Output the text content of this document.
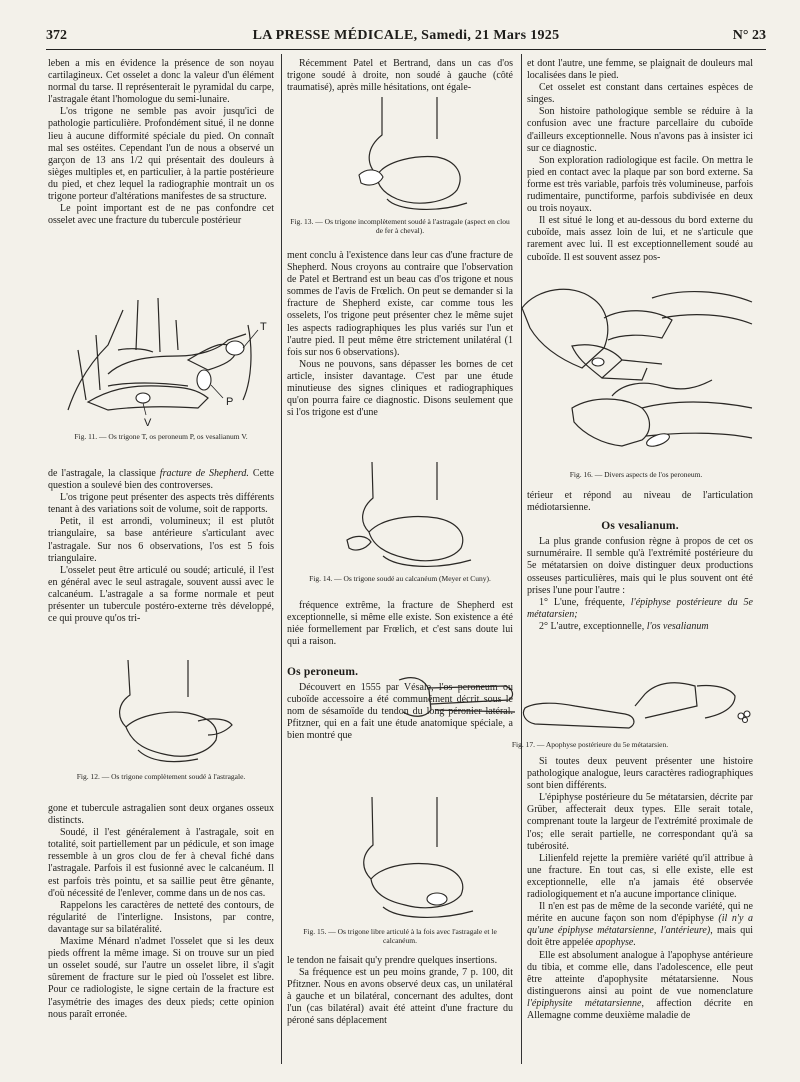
372	LA PRESSE MÉDICALE, Samedi, 21 Mars 1925	N° 23

leben a mis en évidence la présence de son noyau cartilagineux. Cet osselet a donc la valeur d'un élément normal du tarse. Il représenterait le pyramidal du carpe, l'astragale étant l'homologue du semi-lunaire.

L'os trigone ne semble pas avoir jusqu'ici de pathologie particulière. Profondément situé, il ne donne lieu à aucune difformité spéciale du pied. On connaît mal ses ostéites. Cependant l'un de nous a observé un garçon de 13 ans 1/2 qui présentait des douleurs à sièges multiples et, en particulier, à la partie postérieure du pied, et chez lequel la radiographie montrait un os trigone porteur d'altérations manifestes de sa structure.

Le point important est de ne pas confondre cet osselet avec une fracture du tubercule postérieur

T
P
V
Fig. 11. — Os trigone T, os peroneum P, os vesalianum V.

de l'astragale, la classique fracture de Shepherd. Cette question a soulevé bien des controverses.

L'os trigone peut présenter des aspects très différents tenant à des variations soit de volume, soit de rapports.

Petit, il est arrondi, volumineux; il est plutôt triangulaire, sa base antérieure s'articulant avec l'astragale. Sur nos 6 observations, l'os est 5 fois triangulaire.

L'osselet peut être articulé ou soudé; articulé, il l'est en général avec le seul astragale, souvent aussi avec le calcanéum. L'astragale a sa forme normale et peut présenter un tubercule postéro-externe très développé, ce qui prouve qu'os tri-

Fig. 12. — Os trigone complètement soudé à l'astragale.

gone et tubercule astragalien sont deux organes osseux distincts.

Soudé, il l'est généralement à l'astragale, soit en totalité, soit partiellement par un pédicule, et son image ressemble à un gros clou de fer à cheval fiché dans l'astragale. Parfois il est fusionné avec le calcanéum. Il est parfois très pointu, et sa saillie peut être gênante, d'où nécessité de l'enlever, comme dans un de nos cas.

Rappelons les caractères de netteté des contours, de régularité de l'interligne. Insistons, par contre, davantage sur sa bilatéralité.

Maxime Ménard n'admet l'osselet que si les deux pieds offrent la même image. Si on trouve sur un pied un osselet soudé, sur l'autre un osselet libre, il s'agit sûrement de fracture sur le pied où l'osselet est libre. Pour ce radiologiste, le signe certain de la fracture est l'asymétrie des images des deux pieds; cette opinion nous paraît erronée.

Récemment Patel et Bertrand, dans un cas d'os trigone soudé à droite, non soudé à gauche (côté traumatisé), après mille hésitations, ont égale-

Fig. 13. — Os trigone incomplètement soudé à l'astragale (aspect en clou de fer à cheval).

ment conclu à l'existence dans leur cas d'une fracture de Shepherd. Nous croyons au contraire que l'observation de Patel et Bertrand est un beau cas d'os trigone et nous sommes de l'avis de Frœlich. On peut se demander si la fracture de Shepherd existe, car comme tous les osselets, l'os trigone peut présenter chez le même sujet les aspects radiographiques les plus variés sur l'un et l'autre pied. Il peut même être strictement unilatéral (1 fois sur nos 6 observations).

Nous ne pouvons, sans dépasser les bornes de cet article, insister davantage. C'est par une étude minutieuse des signes cliniques et radiographiques qu'on pourra faire ce diagnostic. Disons seulement que si l'os trigone est d'une

Fig. 14. — Os trigone soudé au calcanéum (Meyer et Cuny).

fréquence extrême, la fracture de Shepherd est exceptionnelle, si même elle existe. Son existence a été niée formellement par Frœlich, et c'est sans doute lui qui a raison.

Os peroneum.

Découvert en 1555 par Vésale, l'os peroneum ou cuboïde accessoire a été communément décrit sous le nom de sésamoïde du tendon du long péronier latéral. Pfitzner, qui en a fait une étude anatomique spéciale, a bien montré que

Fig. 15. — Os trigone libre articulé à la fois avec l'astragale et le calcanéum.

le tendon ne faisait qu'y prendre quelques insertions.

Sa fréquence est un peu moins grande, 7 p. 100, dit Pfitzner. Nous en avons observé deux cas, un unilatéral à gauche et un bilatéral, concernant des adultes, dont l'un (cas bilatéral) avait été atteint d'une fracture du péroné sans déplacement

et dont l'autre, une femme, se plaignait de douleurs mal localisées dans le pied.

Cet osselet est constant dans certaines espèces de singes.

Son histoire pathologique semble se réduire à la confusion avec une fracture parcellaire du cuboïde d'ailleurs exceptionnelle. Nous n'avons pas à insister ici sur ce diagnostic.

Son exploration radiologique est facile. On mettra le pied en contact avec la plaque par son bord externe. Sa forme est très variable, parfois très volumineuse, parfois rudimentaire, punctiforme, parfois subdivisée en deux ou trois noyaux.

Il est situé le long et au-dessous du bord externe du cuboïde, mais assez loin de lui, et ne s'articule que rarement avec lui. Il est exceptionnellement soudé au cuboïde. Il est souvent assez pos-

Fig. 16. — Divers aspects de l'os peroneum.

térieur et répond au niveau de l'articulation médiotarsienne.

Os vesalianum.

La plus grande confusion règne à propos de cet os surnuméraire. Il semble qu'à l'extrémité postérieure du 5e métatarsien on doive distinguer deux productions osseuses particulières, mais qui le plus souvent ont été prises l'une pour l'autre :

1° L'une, fréquente, l'épiphyse postérieure du 5e métatarsien;

2° L'autre, exceptionnelle, l'os vesalianum

Fig. 17. — Apophyse postérieure du 5e métatarsien.

Si toutes deux peuvent présenter une histoire pathologique analogue, leurs caractères radiographiques sont bien différents.

L'épiphyse postérieure du 5e métatarsien, décrite par Grüber, affecterait deux types. Elle serait totale, comprenant toute la largeur de l'extrémité proximale de l'os; elle serait partielle, ne correspondant qu'à sa tubérosité.

Lilienfeld rejette la première variété qu'il attribue à une fracture. En tout cas, si elle existe, elle est exceptionnelle, elle n'a jamais été observée radiologiquement et n'a aucune importance clinique.

Il n'en est pas de même de la seconde variété, qui ne mérite en aucune façon son nom d'épiphyse (il n'y a qu'une épiphyse métatarsienne, l'antérieure), mais qui doit être appelée apophyse.

Elle est absolument analogue à l'apophyse antérieure du tibia, et comme elle, dans l'adolescence, elle peut être atteinte d'apophysite métatarsienne. Nous distinguerons ainsi au point de vue nomenclature l'épiphysite métatarsienne, affection décrite en Allemagne comme deuxième maladie de
